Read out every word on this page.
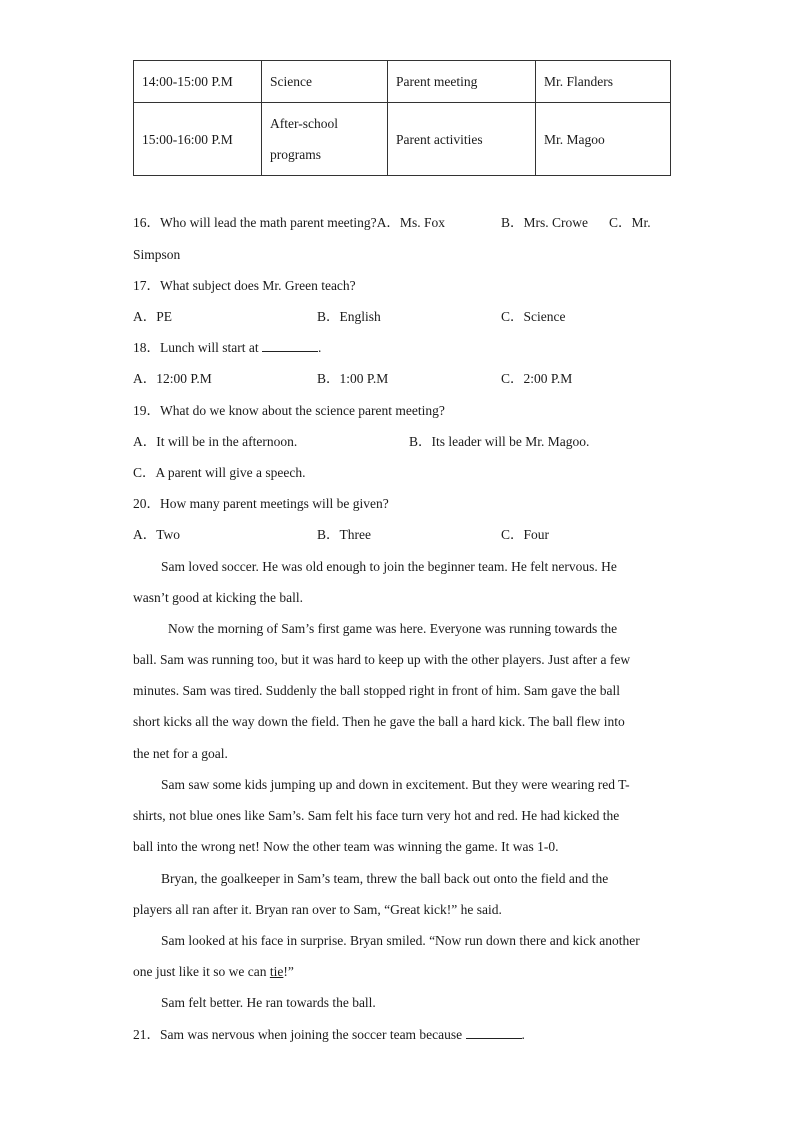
14:00-15:00 P.M	Science	Parent meeting	Mr. Flanders
15:00-16:00 P.M	After-school
programs	Parent activities	Mr. Magoo
16．Who will lead the math parent meeting?A．Ms. Fox	B．Mrs. Crowe C．Mr.
Simpson
17．What subject does Mr. Green teach?
A．PE	B．English	C．Science
18．Lunch will start at	.
A．12:00 P.M	B．1:00 P.M	C．2:00 P.M
19．What do we know about the science parent meeting?
A．It will be in the afternoon.	B．Its leader will be Mr. Magoo.
C．A parent will give a speech.
20．How many parent meetings will be given?
A．Two	B．Three	C．Four
Sam loved soccer. He was old enough to join the beginner team. He felt nervous. He
wasn’t good at kicking the ball.
Now the morning of Sam’s first game was here. Everyone was running towards the
ball. Sam was running too, but it was hard to keep up with the other players. Just after a few
minutes. Sam was tired. Suddenly the ball stopped right in front of him. Sam gave the ball
short kicks all the way down the field. Then he gave the ball a hard kick. The ball flew into
the net for a goal.
Sam saw some kids jumping up and down in excitement. But they were wearing red T-
shirts, not blue ones like Sam’s. Sam felt his face turn very hot and red. He had kicked the
ball into the wrong net! Now the other team was winning the game. It was 1-0.
Bryan, the goalkeeper in Sam’s team, threw the ball back out onto the field and the
players all ran after it. Bryan ran over to Sam, “Great kick!” he said.
Sam looked at his face in surprise. Bryan smiled. “Now run down there and kick another
one just like it so we can tie!”
Sam felt better. He ran towards the ball.
21．Sam was nervous when joining the soccer team because	.
